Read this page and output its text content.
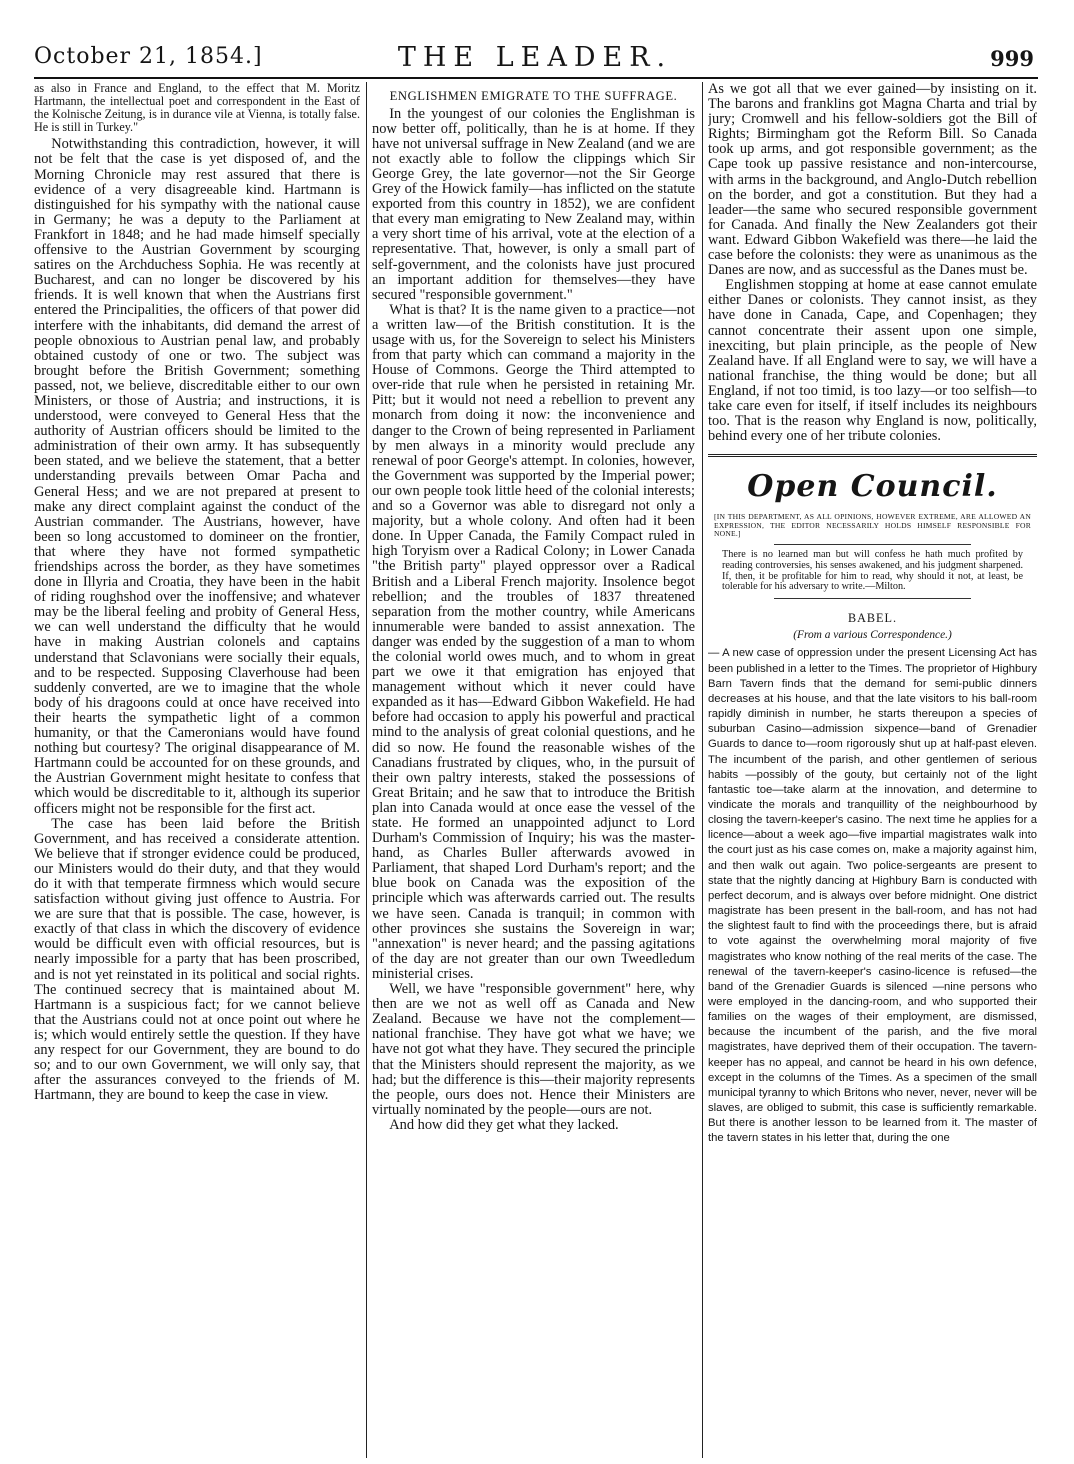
October 21, 1854.]	THE LEADER.	999

as also in France and England, to the effect that M. Moritz Hartmann, the intellectual poet and correspondent in the East of the Kolnische Zeitung, is in durance vile at Vienna, is totally false. He is still in Turkey."

Notwithstanding this contradiction, however, it will not be felt that the case is yet disposed of, and the Morning Chronicle may rest assured that there is evidence of a very disagreeable kind. Hartmann is distinguished for his sympathy with the national cause in Germany; he was a deputy to the Parliament at Frankfort in 1848; and he had made himself specially offensive to the Austrian Government by scourging satires on the Archduchess Sophia. He was recently at Bucharest, and can no longer be discovered by his friends. It is well known that when the Austrians first entered the Principalities, the officers of that power did interfere with the inhabitants, did demand the arrest of people obnoxious to Austrian penal law, and probably obtained custody of one or two. The subject was brought before the British Government; something passed, not, we believe, discreditable either to our own Ministers, or those of Austria; and instructions, it is understood, were conveyed to General Hess that the authority of Austrian officers should be limited to the administration of their own army. It has subsequently been stated, and we believe the statement, that a better understanding prevails between Omar Pacha and General Hess; and we are not prepared at present to make any direct complaint against the conduct of the Austrian commander. The Austrians, however, have been so long accustomed to domineer on the frontier, that where they have not formed sympathetic friendships across the border, as they have sometimes done in Illyria and Croatia, they have been in the habit of riding roughshod over the inoffensive; and whatever may be the liberal feeling and probity of General Hess, we can well understand the difficulty that he would have in making Austrian colonels and captains understand that Sclavonians were socially their equals, and to be respected. Supposing Claverhouse had been suddenly converted, are we to imagine that the whole body of his dragoons could at once have received into their hearts the sympathetic light of a common humanity, or that the Cameronians would have found nothing but courtesy? The original disappearance of M. Hartmann could be accounted for on these grounds, and the Austrian Government might hesitate to confess that which would be discreditable to it, although its superior officers might not be responsible for the first act.

The case has been laid before the British Government, and has received a considerate attention. We believe that if stronger evidence could be produced, our Ministers would do their duty, and that they would do it with that temperate firmness which would secure satisfaction without giving just offence to Austria. For we are sure that that is possible. The case, however, is exactly of that class in which the discovery of evidence would be difficult even with official resources, but is nearly impossible for a party that has been proscribed, and is not yet reinstated in its political and social rights. The continued secrecy that is maintained about M. Hartmann is a suspicious fact; for we cannot believe that the Austrians could not at once point out where he is; which would entirely settle the question. If they have any respect for our Government, they are bound to do so; and to our own Government, we will only say, that after the assurances conveyed to the friends of M. Hartmann, they are bound to keep the case in view.

ENGLISHMEN EMIGRATE TO THE SUFFRAGE.

In the youngest of our colonies the Englishman is now better off, politically, than he is at home. If they have not universal suffrage in New Zealand (and we are not exactly able to follow the clippings which Sir George Grey, the late governor—not the Sir George Grey of the Howick family—has inflicted on the statute exported from this country in 1852), we are confident that every man emigrating to New Zealand may, within a very short time of his arrival, vote at the election of a representative. That, however, is only a small part of self-government, and the colonists have just procured an important addition for themselves—they have secured "responsible government."

What is that? It is the name given to a practice—not a written law—of the British constitution. It is the usage with us, for the Sovereign to select his Ministers from that party which can command a majority in the House of Commons. George the Third attempted to over-ride that rule when he persisted in retaining Mr. Pitt; but it would not need a rebellion to prevent any monarch from doing it now: the inconvenience and danger to the Crown of being represented in Parliament by men always in a minority would preclude any renewal of poor George's attempt. In colonies, however, the Government was supported by the Imperial power; our own people took little heed of the colonial interests; and so a Governor was able to disregard not only a majority, but a whole colony. And often had it been done. In Upper Canada, the Family Compact ruled in high Toryism over a Radical Colony; in Lower Canada "the British party" played oppressor over a Radical British and a Liberal French majority. Insolence begot rebellion; and the troubles of 1837 threatened separation from the mother country, while Americans innumerable were banded to assist annexation. The danger was ended by the suggestion of a man to whom the colonial world owes much, and to whom in great part we owe it that emigration has enjoyed that management without which it never could have expanded as it has—Edward Gibbon Wakefield. He had before had occasion to apply his powerful and practical mind to the analysis of great colonial questions, and he did so now. He found the reasonable wishes of the Canadians frustrated by cliques, who, in the pursuit of their own paltry interests, staked the possessions of Great Britain; and he saw that to introduce the British plan into Canada would at once ease the vessel of the state. He formed an unappointed adjunct to Lord Durham's Commission of Inquiry; his was the master-hand, as Charles Buller afterwards avowed in Parliament, that shaped Lord Durham's report; and the blue book on Canada was the exposition of the principle which was afterwards carried out. The results we have seen. Canada is tranquil; in common with other provinces she sustains the Sovereign in war; "annexation" is never heard; and the passing agitations of the day are not greater than our own Tweedledum ministerial crises.

Well, we have "responsible government" here, why then are we not as well off as Canada and New Zealand. Because we have not the complement—national franchise. They have got what we have; we have not got what they have. They secured the principle that the Ministers should represent the majority, as we had; but the difference is this—their majority represents the people, ours does not. Hence their Ministers are virtually nominated by the people—ours are not.

And how did they get what they lacked.

As we got all that we ever gained—by insisting on it. The barons and franklins got Magna Charta and trial by jury; Cromwell and his fellow-soldiers got the Bill of Rights; Birmingham got the Reform Bill. So Canada took up arms, and got responsible government; as the Cape took up passive resistance and non-intercourse, with arms in the background, and Anglo-Dutch rebellion on the border, and got a constitution. But they had a leader—the same who secured responsible government for Canada. And finally the New Zealanders got their want. Edward Gibbon Wakefield was there—he laid the case before the colonists: they were as unanimous as the Danes are now, and as successful as the Danes must be.

Englishmen stopping at home at ease cannot emulate either Danes or colonists. They cannot insist, as they have done in Canada, Cape, and Copenhagen; they cannot concentrate their assent upon one simple, inexciting, but plain principle, as the people of New Zealand have. If all England were to say, we will have a national franchise, the thing would be done; but all England, if not too timid, is too lazy—or too selfish—to take care even for itself, if itself includes its neighbours too. That is the reason why England is now, politically, behind every one of her tribute colonies.

Open Council.
[IN THIS DEPARTMENT, AS ALL OPINIONS, HOWEVER EXTREME, ARE ALLOWED AN EXPRESSION, THE EDITOR NECESSARILY HOLDS HIMSELF RESPONSIBLE FOR NONE.]
There is no learned man but will confess he hath much profited by reading controversies, his senses awakened, and his judgment sharpened. If, then, it be profitable for him to read, why should it not, at least, be tolerable for his adversary to write.—Milton.
BABEL.
(From a various Correspondence.)

— A new case of oppression under the present Licensing Act has been published in a letter to the Times. The proprietor of Highbury Barn Tavern finds that the demand for semi-public dinners decreases at his house, and that the late visitors to his ball-room rapidly diminish in number, he starts thereupon a species of suburban Casino—admission sixpence—band of Grenadier Guards to dance to—room rigorously shut up at half-past eleven. The incumbent of the parish, and other gentlemen of serious habits —possibly of the gouty, but certainly not of the light fantastic toe—take alarm at the innovation, and determine to vindicate the morals and tranquillity of the neighbourhood by closing the tavern-keeper's casino. The next time he applies for a licence—about a week ago—five impartial magistrates walk into the court just as his case comes on, make a majority against him, and then walk out again. Two police-sergeants are present to state that the nightly dancing at Highbury Barn is conducted with perfect decorum, and is always over before midnight. One district magistrate has been present in the ball-room, and has not had the slightest fault to find with the proceedings there, but is afraid to vote against the overwhelming moral majority of five magistrates who know nothing of the real merits of the case. The renewal of the tavern-keeper's casino-licence is refused—the band of the Grenadier Guards is silenced —nine persons who were employed in the dancing-room, and who supported their families on the wages of their employment, are dismissed, because the incumbent of the parish, and the five moral magistrates, have deprived them of their occupation. The tavern-keeper has no appeal, and cannot be heard in his own defence, except in the columns of the Times. As a specimen of the small municipal tyranny to which Britons who never, never, never will be slaves, are obliged to submit, this case is sufficiently remarkable. But there is another lesson to be learned from it. The master of the tavern states in his letter that, during the one
